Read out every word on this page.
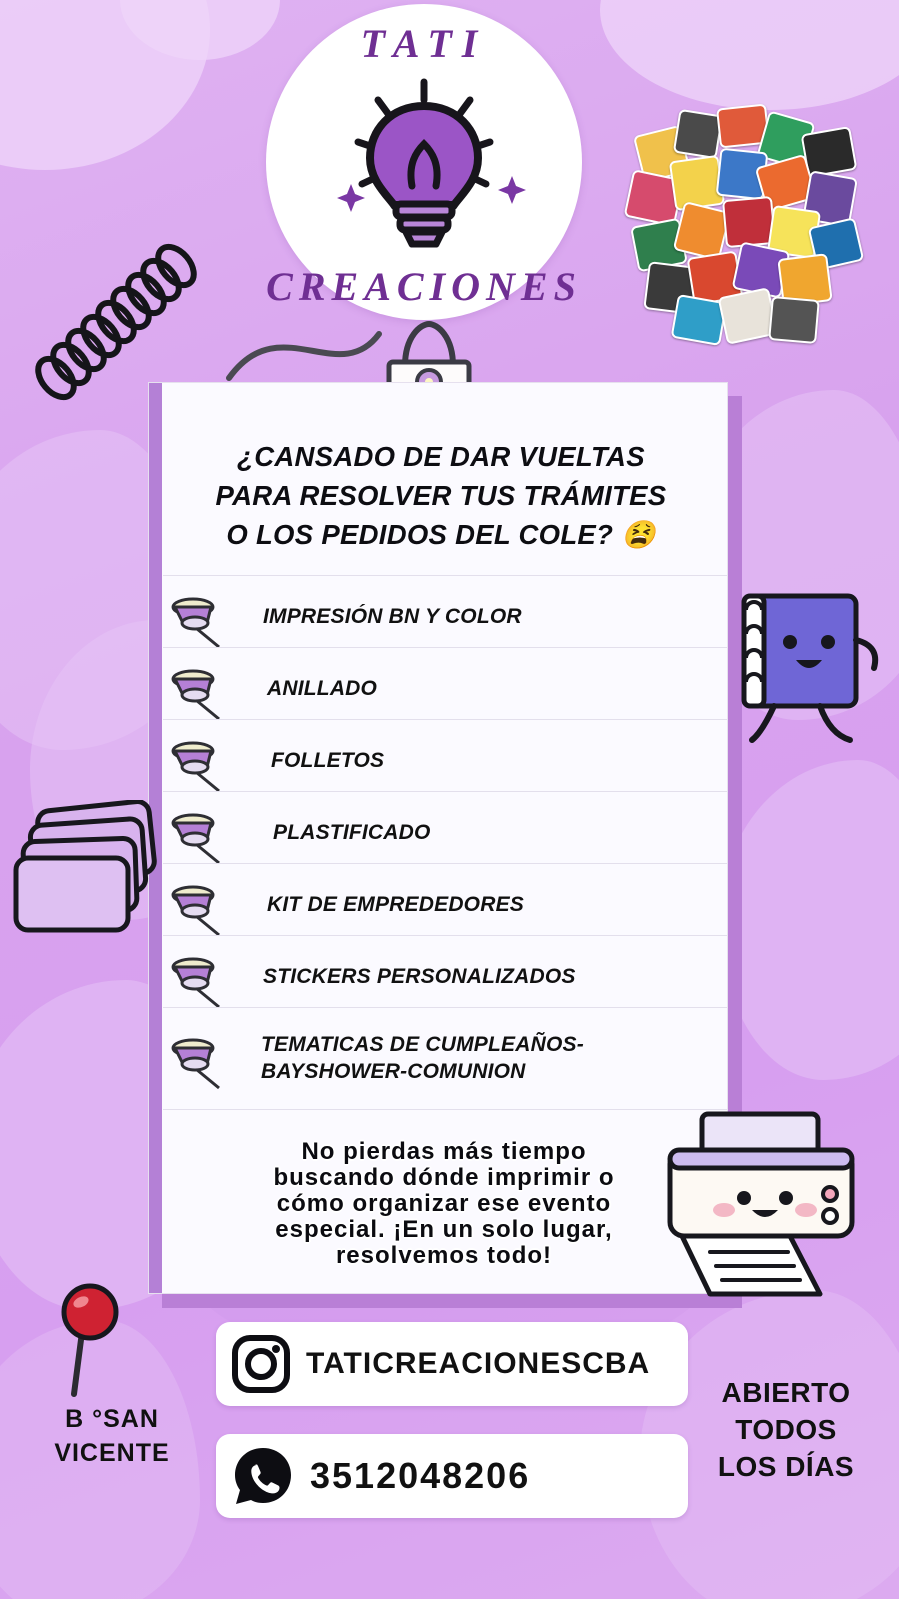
TATI
CREACIONES
¿CANSADO DE DAR VUELTAS
PARA RESOLVER TUS TRÁMITES
O LOS PEDIDOS DEL COLE? 😫
IMPRESIÓN BN Y COLOR
ANILLADO
FOLLETOS
PLASTIFICADO
KIT DE EMPREDEDORES
STICKERS PERSONALIZADOS
TEMATICAS DE CUMPLEAÑOS-BAYSHOWER-COMUNION
No pierdas más tiempo
buscando dónde imprimir o
cómo organizar ese evento
especial. ¡En un solo lugar,
resolvemos todo!
B °SAN
VICENTE
TATICREACIONESCBA
3512048206
ABIERTO
TODOS
LOS DÍAS
